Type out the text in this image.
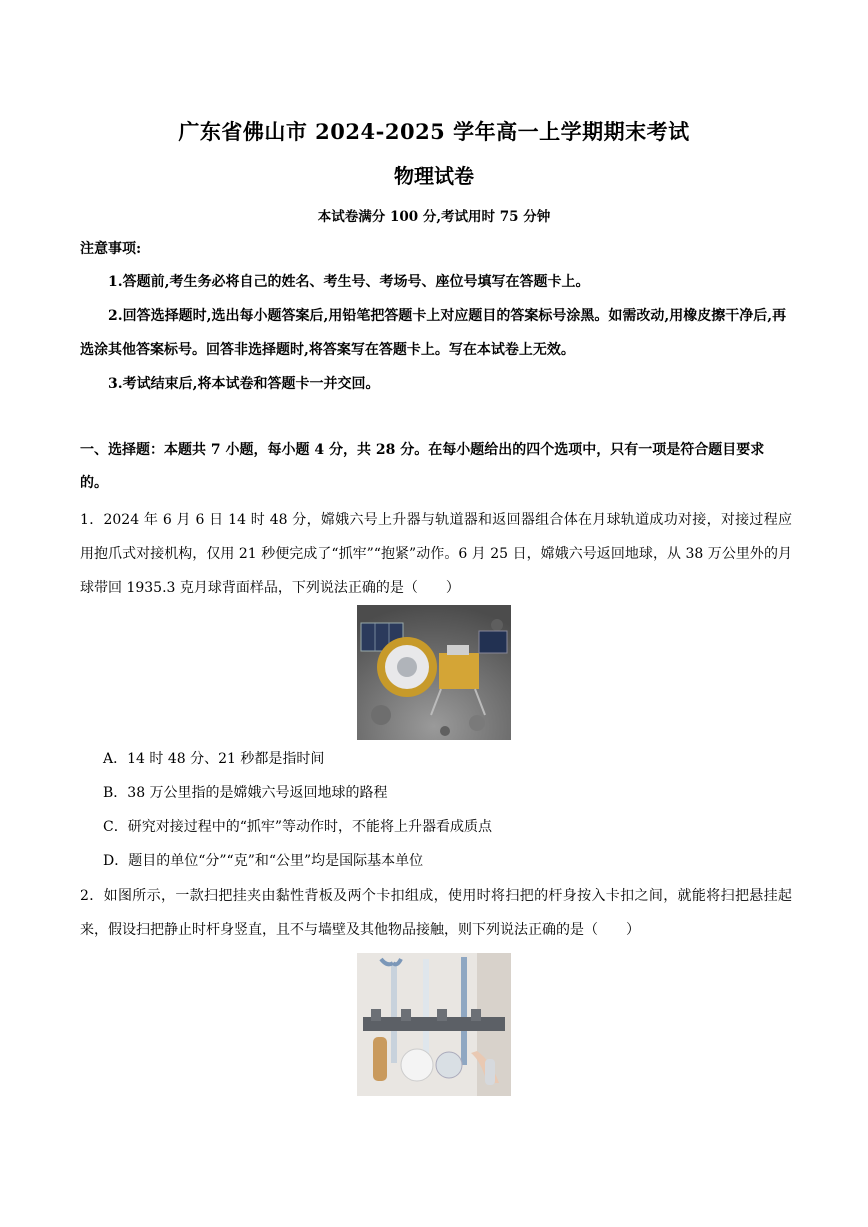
广东省佛山市 2024-2025 学年高一上学期期末考试
物理试卷
本试卷满分 100 分,考试用时 75 分钟
注意事项:
1.答题前,考生务必将自己的姓名、考生号、考场号、座位号填写在答题卡上。
2.回答选择题时,选出每小题答案后,用铅笔把答题卡上对应题目的答案标号涂黑。如需改动,用橡皮擦干净后,再选涂其他答案标号。回答非选择题时,将答案写在答题卡上。写在本试卷上无效。
3.考试结束后,将本试卷和答题卡一并交回。
一、选择题：本题共 7 小题，每小题 4 分，共 28 分。在每小题给出的四个选项中，只有一项是符合题目要求的。
1．2024 年 6 月 6 日 14 时 48 分，嫦娥六号上升器与轨道器和返回器组合体在月球轨道成功对接，对接过程应用抱爪式对接机构，仅用 21 秒便完成了“抓牢”“抱紧”动作。6 月 25 日，嫦娥六号返回地球，从 38 万公里外的月球带回 1935.3 克月球背面样品，下列说法正确的是（　　）
A．14 时 48 分、21 秒都是指时间
B．38 万公里指的是嫦娥六号返回地球的路程
C．研究对接过程中的“抓牢”等动作时，不能将上升器看成质点
D．题目的单位“分”“克”和“公里”均是国际基本单位
2．如图所示，一款扫把挂夹由黏性背板及两个卡扣组成，使用时将扫把的杆身按入卡扣之间，就能将扫把悬挂起来，假设扫把静止时杆身竖直，且不与墙壁及其他物品接触，则下列说法正确的是（　　）
